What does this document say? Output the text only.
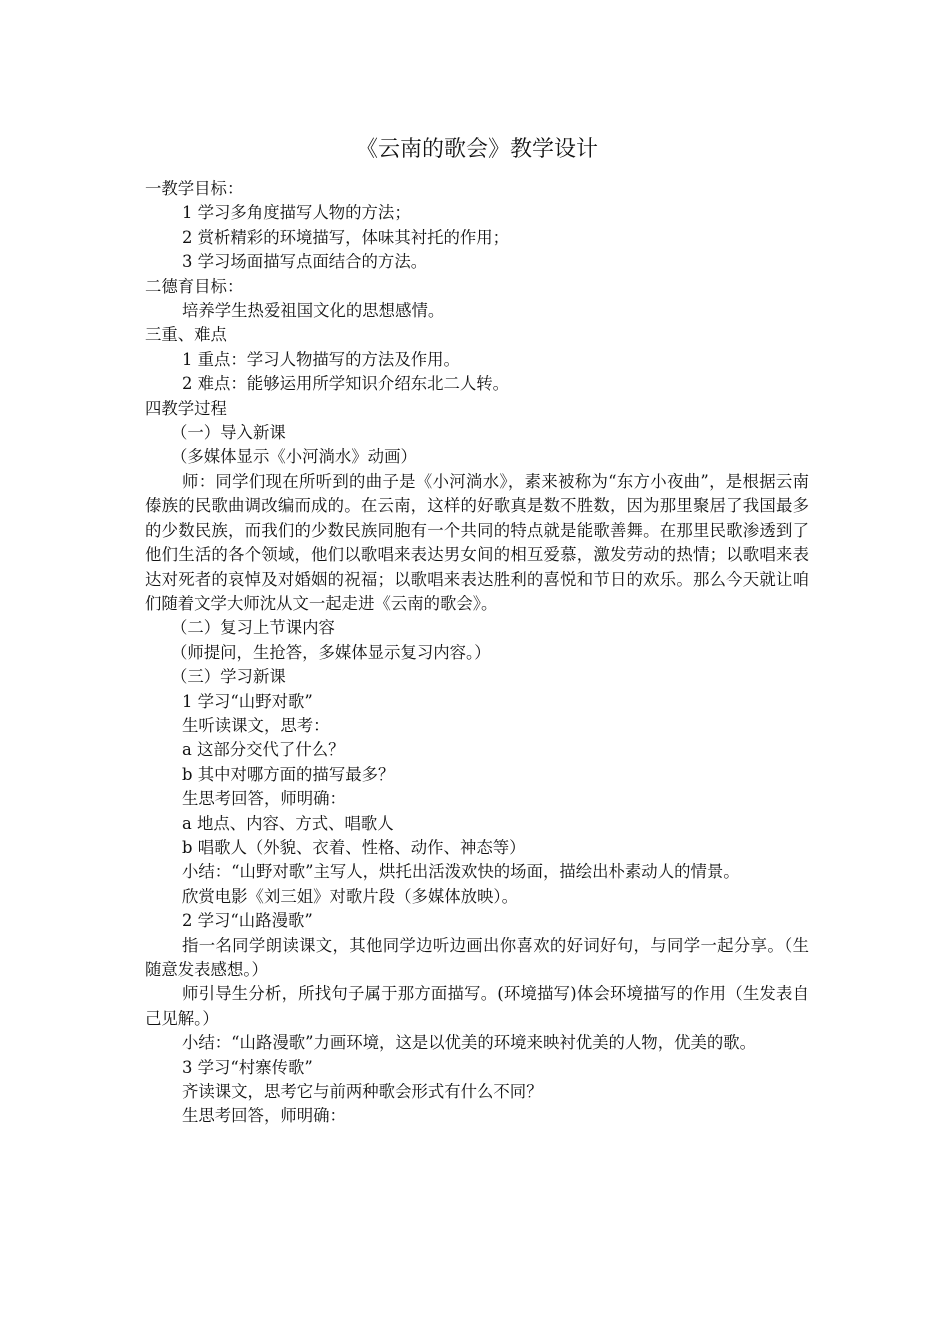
《云南的歌会》教学设计

一教学目标：

1 学习多角度描写人物的方法；

2 赏析精彩的环境描写，体味其衬托的作用；

3 学习场面描写点面结合的方法。

二德育目标：

培养学生热爱祖国文化的思想感情。

三重、难点

1 重点：学习人物描写的方法及作用。

2 难点：能够运用所学知识介绍东北二人转。

四教学过程

（一）导入新课

（多媒体显示《小河淌水》动画）

师：同学们现在所听到的曲子是《小河淌水》，素来被称为“东方小夜曲”，是根据云南傣族的民歌曲调改编而成的。在云南，这样的好歌真是数不胜数，因为那里聚居了我国最多的少数民族，而我们的少数民族同胞有一个共同的特点就是能歌善舞。在那里民歌渗透到了他们生活的各个领域，他们以歌唱来表达男女间的相互爱慕，激发劳动的热情；以歌唱来表达对死者的哀悼及对婚姻的祝福；以歌唱来表达胜利的喜悦和节日的欢乐。那么今天就让咱们随着文学大师沈从文一起走进《云南的歌会》。

（二）复习上节课内容

（师提问，生抢答，多媒体显示复习内容。）

（三）学习新课

1 学习“山野对歌”

生听读课文，思考：

a 这部分交代了什么？

b 其中对哪方面的描写最多？

生思考回答，师明确：

a 地点、内容、方式、唱歌人

b 唱歌人（外貌、衣着、性格、动作、神态等）

小结：“山野对歌”主写人，烘托出活泼欢快的场面，描绘出朴素动人的情景。

欣赏电影《刘三姐》对歌片段（多媒体放映）。

2 学习“山路漫歌”

指一名同学朗读课文，其他同学边听边画出你喜欢的好词好句，与同学一起分享。（生随意发表感想。）

师引导生分析，所找句子属于那方面描写。(环境描写)体会环境描写的作用（生发表自己见解。）

小结：“山路漫歌”力画环境，这是以优美的环境来映衬优美的人物，优美的歌。

3 学习“村寨传歌”

齐读课文，思考它与前两种歌会形式有什么不同？

生思考回答，师明确：
